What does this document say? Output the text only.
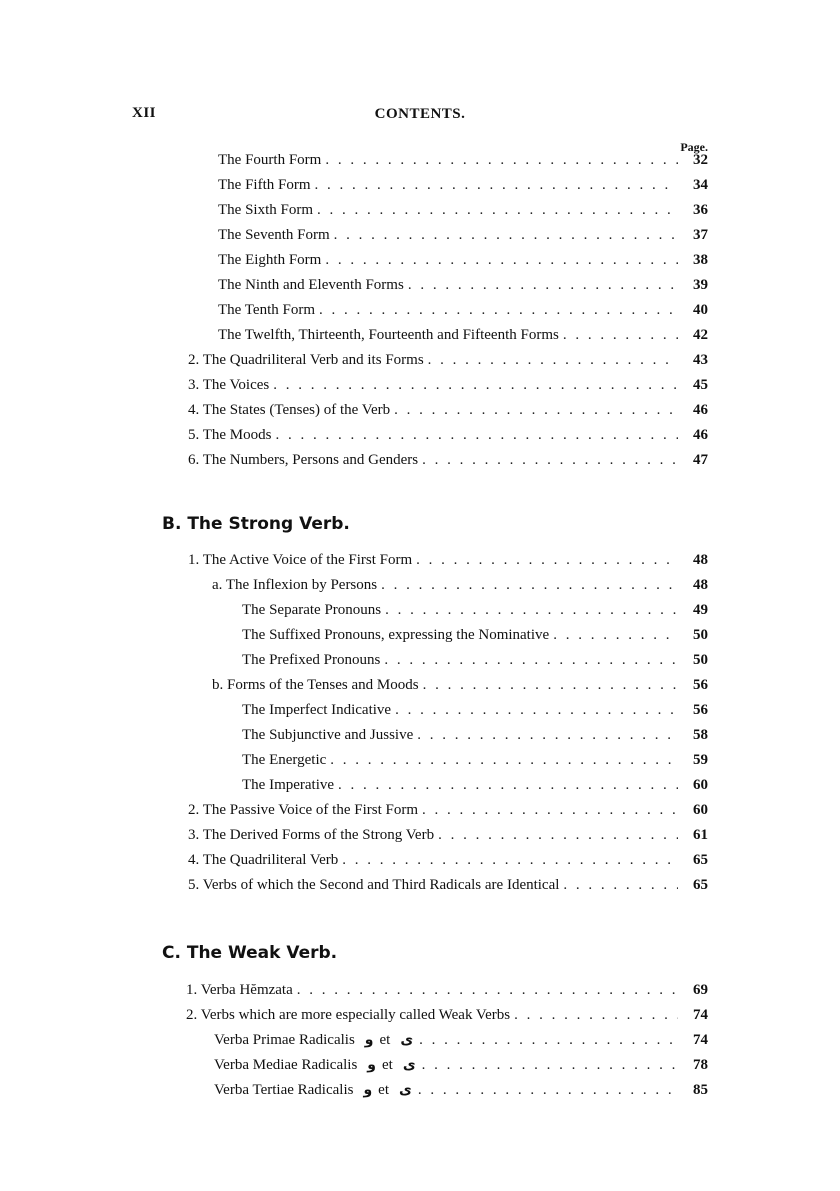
XII	CONTENTS.
Page.
The Fourth Form . . .	32
The Fifth Form . . .	34
The Sixth Form . . .	36
The Seventh Form . . .	37
The Eighth Form . . .	38
The Ninth and Eleventh Forms . . .	39
The Tenth Form . . .	40
The Twelfth, Thirteenth, Fourteenth and Fifteenth Forms . . .	42
2. The Quadriliteral Verb and its Forms . . .	43
3. The Voices . . .	45
4. The States (Tenses) of the Verb . . .	46
5. The Moods . . .	46
6. The Numbers, Persons and Genders . . .	47
B. The Strong Verb.
1. The Active Voice of the First Form . . .	48
a. The Inflexion by Persons . . .	48
The Separate Pronouns . . .	49
The Suffixed Pronouns, expressing the Nominative . . .	50
The Prefixed Pronouns . . .	50
b. Forms of the Tenses and Moods . . .	56
The Imperfect Indicative . . .	56
The Subjunctive and Jussive . . .	58
The Energetic . . .	59
The Imperative . . .	60
2. The Passive Voice of the First Form . . .	60
3. The Derived Forms of the Strong Verb . . .	61
4. The Quadriliteral Verb . . .	65
5. Verbs of which the Second and Third Radicals are Identical . . .	65
C. The Weak Verb.
1. Verba Hĕmzata . . .	69
2. Verbs which are more especially called Weak Verbs . . .	74
Verba Primae Radicalis و et ى . . .	74
Verba Mediae Radicalis و et ى . . .	78
Verba Tertiae Radicalis و et ى . . .	85
